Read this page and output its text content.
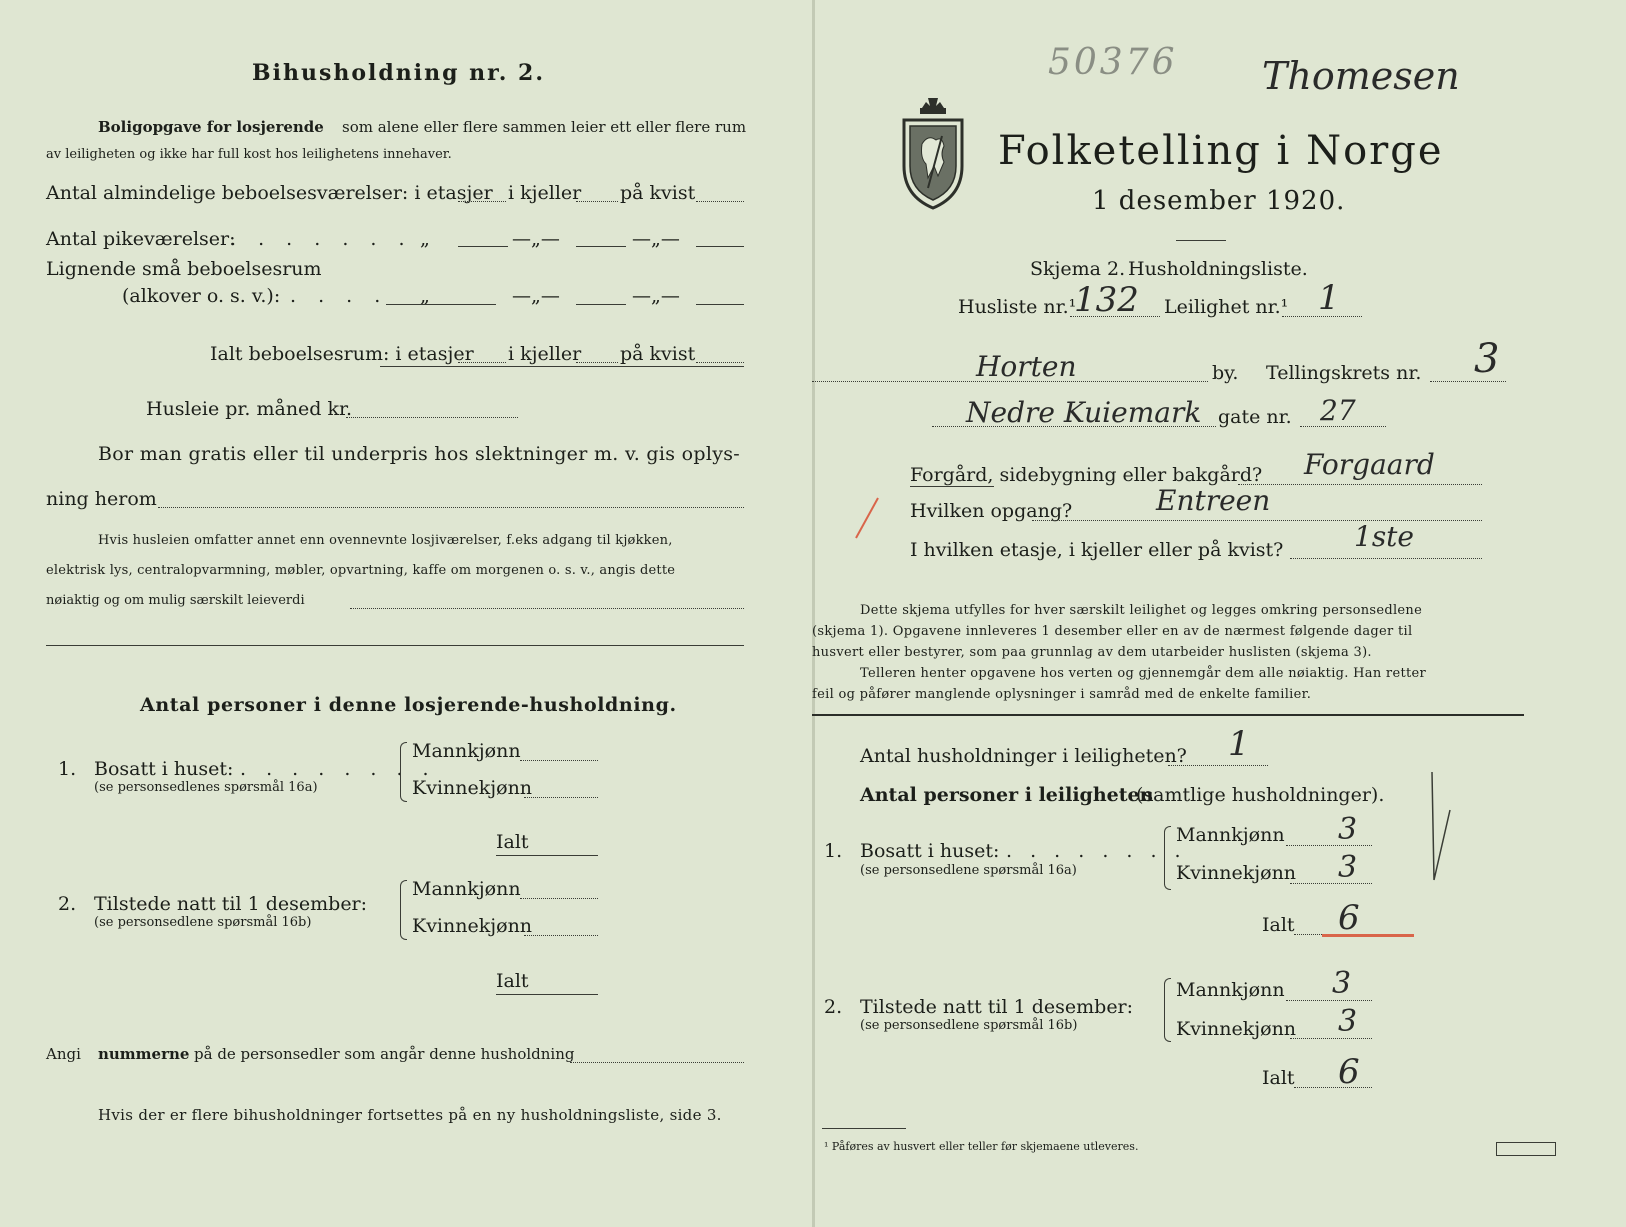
Bihusholdning nr. 2.
Boligopgave for losjerende som alene eller flere sammen leier ett eller flere rum
av leiligheten og ikke har full kost hos leilighetens innehaver.
Antal almindelige beboelsesværelser: i etasjer i kjeller på kvist
Antal pikeværelser:
. . . . . . . „	—„—	—„—
Lignende små beboelsesrum
(alkover o. s. v.): . . . . „	—„—	—„—
Ialt beboelsesrum: i etasjer i kjeller på kvist
Husleie pr. måned kr.
Bor man gratis eller til underpris hos slektninger m. v. gis oplys-
ning herom
Hvis husleien omfatter annet enn ovennevnte losjiværelser, f.eks adgang til kjøkken,
elektrisk lys, centralopvarmning, møbler, opvartning, kaffe om morgenen o. s. v., angis dette
nøiaktig og om mulig særskilt leieverdi
Antal personer i denne losjerende-husholdning.
1. Bosatt i huset: . . . . . . . .
(se personsedlenes spørsmål 16a)
Mannkjønn
Kvinnekjønn
Ialt
2. Tilstede natt til 1 desember:
(se personsedlene spørsmål 16b)
Mannkjønn
Kvinnekjønn
Ialt
Angi nummerne på de personsedler som angår denne husholdning
Hvis der er flere bihusholdninger fortsettes på en ny husholdningsliste, side 3.
50376 Thomesen
Folketelling i Norge
1 desember 1920.
Skjema 2. Husholdningsliste.
Husliste nr.¹
132 Leilighet nr.¹ 1
Horten	by. Tellingskrets nr. 3
Nedre Kuiemark gate nr. 27
Forgård, sidebygning eller bakgård? Forgaard
Hvilken opgang?	Entreen
I hvilken etasje, i kjeller eller på kvist?	1ste
Dette skjema utfylles for hver særskilt leilighet og legges omkring personsedlene
(skjema 1). Opgavene innleveres 1 desember eller en av de nærmest følgende dager til
husvert eller bestyrer, som paa grunnlag av dem utarbeider huslisten (skjema 3).
Telleren henter opgavene hos verten og gjennemgår dem alle nøiaktig. Han retter
feil og påfører manglende oplysninger i samråd med de enkelte familier.
Antal husholdninger i leiligheten? 1
Antal personer i leiligheten
(samtlige husholdninger).
1. Bosatt i huset: . . . . . . . .
(se personsedlene spørsmål 16a)
Mannkjønn 3
Kvinnekjønn 3
Ialt 6
2. Tilstede natt til 1 desember:
(se personsedlene spørsmål 16b)
Mannkjønn 3
Kvinnekjønn 3
Ialt 6
¹ Påføres av husvert eller teller før skjemaene utleveres.
